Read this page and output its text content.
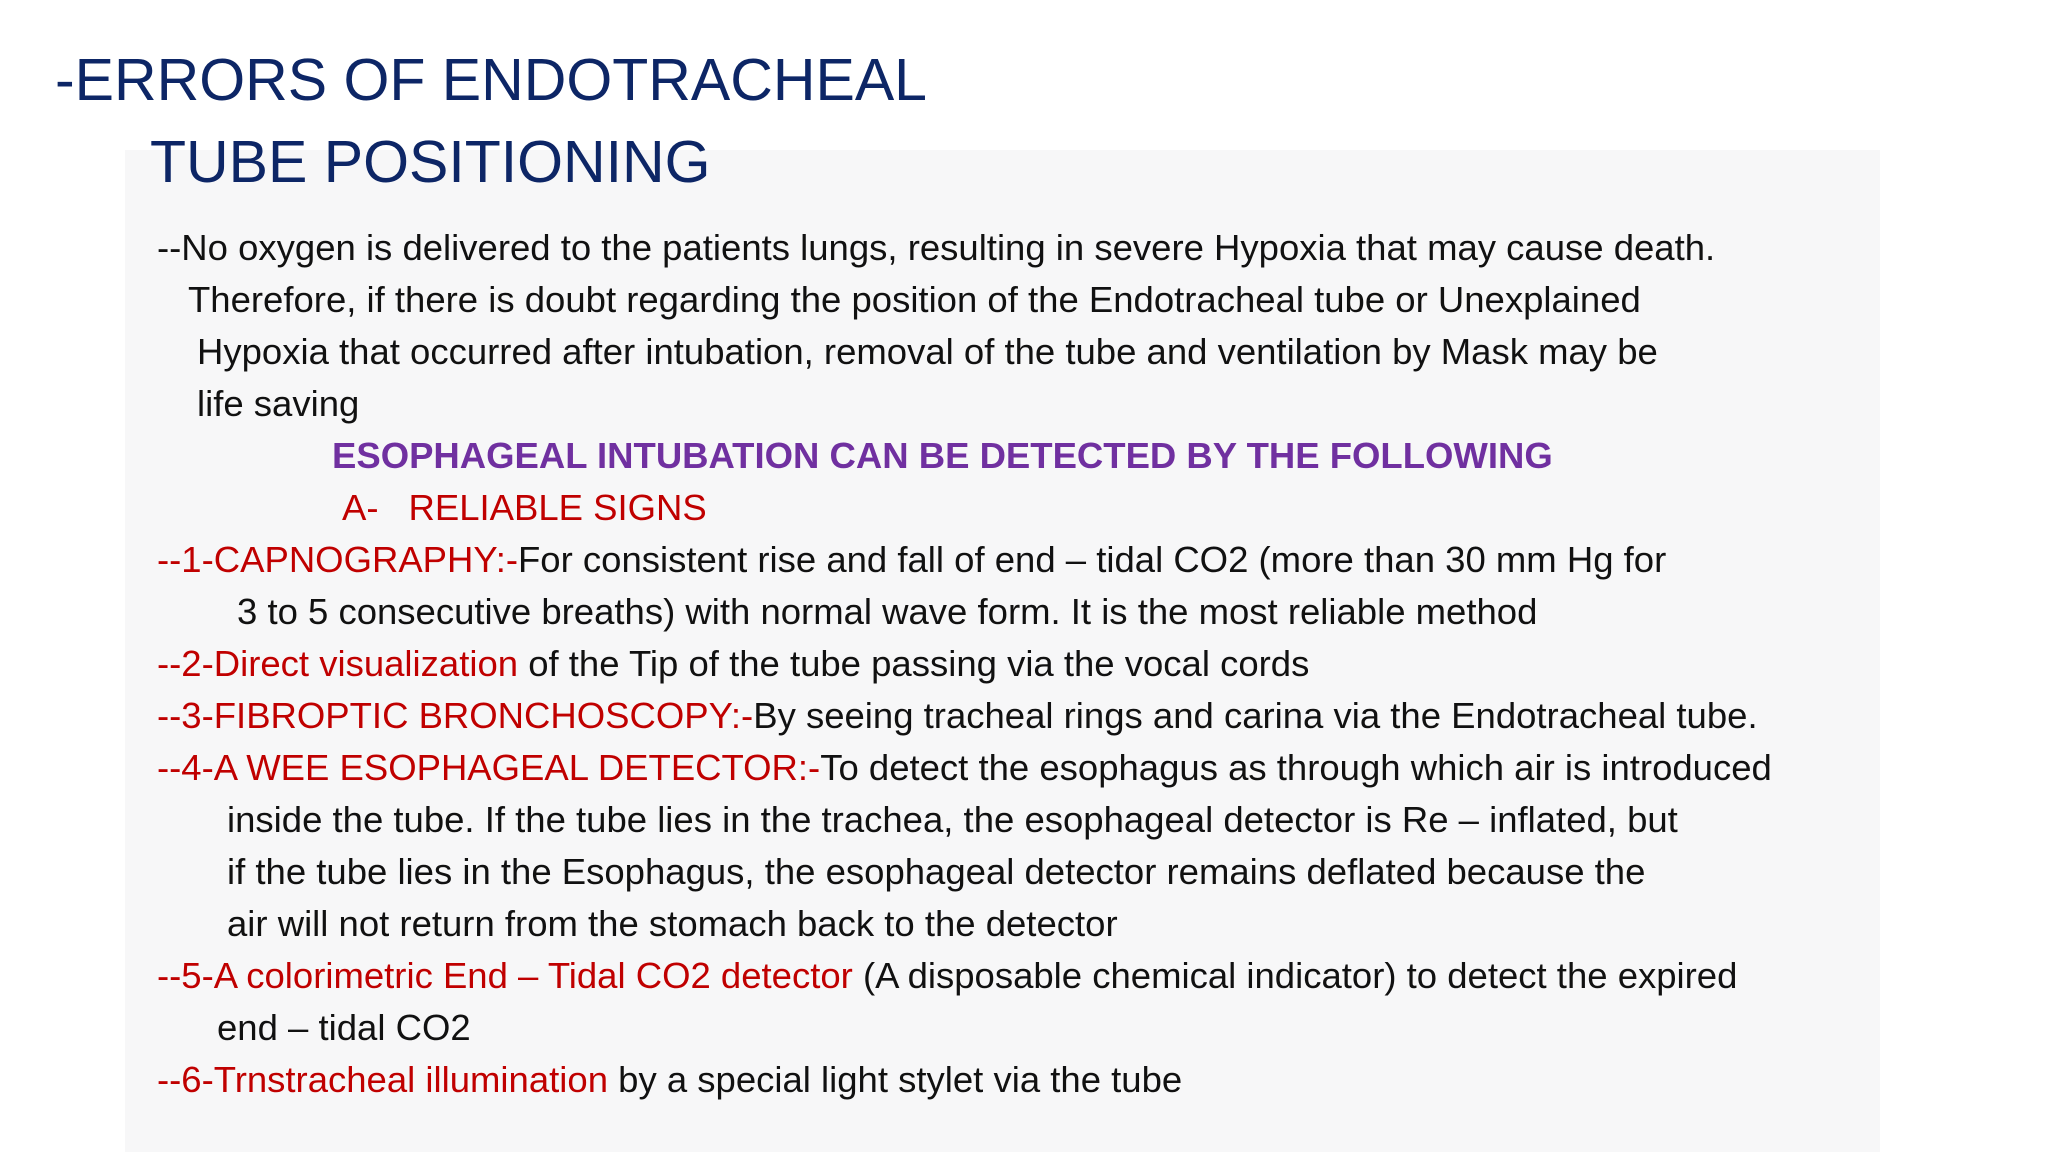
-ERRORS OF ENDOTRACHEAL
TUBE POSITIONING
--No oxygen is delivered to the patients lungs, resulting in severe Hypoxia that may cause death.
Therefore, if there is doubt regarding the position of the Endotracheal tube or Unexplained
Hypoxia that occurred after intubation, removal of the tube and ventilation by Mask may be
life saving
ESOPHAGEAL INTUBATION CAN BE DETECTED BY THE FOLLOWING
A- RELIABLE SIGNS
--1-CAPNOGRAPHY:-For consistent rise and fall of end – tidal CO2 (more than 30 mm Hg for
3 to 5 consecutive breaths) with normal wave form. It is the most reliable method
--2-Direct visualization of the Tip of the tube passing via the vocal cords
--3-FIBROPTIC BRONCHOSCOPY:-By seeing tracheal rings and carina via the Endotracheal tube.
--4-A WEE ESOPHAGEAL DETECTOR:-To detect the esophagus as through which air is introduced
inside the tube. If the tube lies in the trachea, the esophageal detector is Re – inflated, but
if the tube lies in the Esophagus, the esophageal detector remains deflated because the
air will not return from the stomach back to the detector
--5-A colorimetric End – Tidal CO2 detector (A disposable chemical indicator) to detect the expired
end – tidal CO2
--6-Trnstracheal illumination by a special light stylet via the tube
